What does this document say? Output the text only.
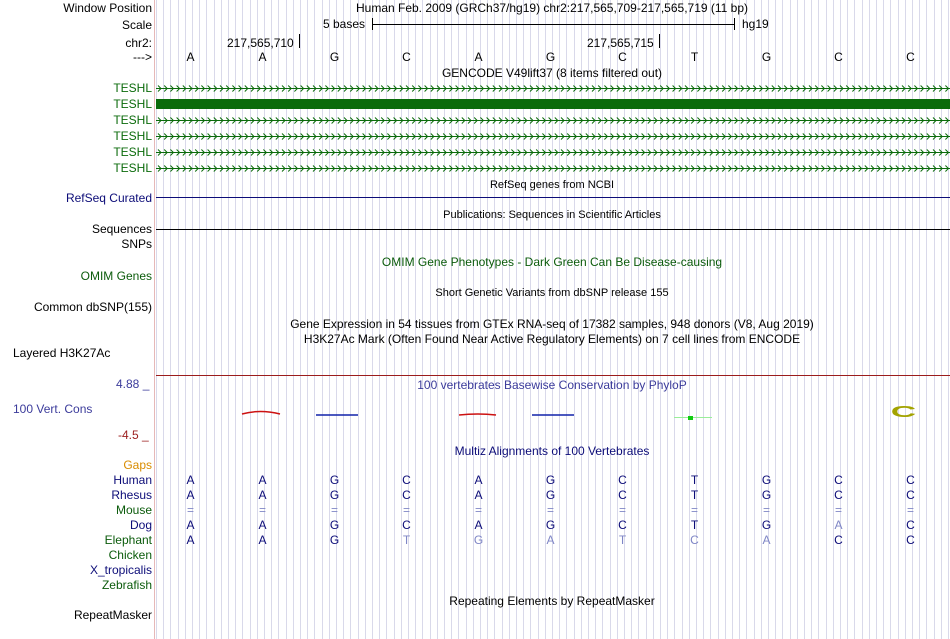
Window Position	Human Feb. 2009 (GRCh37/hg19) chr2:217,565,709-217,565,719 (11 bp)
Scale	5 bases	hg19
chr2:	217,565,710	217,565,715
--->	A	A	G	C	A	G	C	T	G	C	C
GENCODE V49lift37 (8 items filtered out)
TESHL
TESHL
TESHL
TESHL
TESHL
TESHL
RefSeq genes from NCBI
RefSeq Curated
Publications: Sequences in Scientific Articles
Sequences
SNPs
OMIM Gene Phenotypes - Dark Green Can Be Disease-causing
OMIM Genes
Short Genetic Variants from dbSNP release 155
Common dbSNP(155)
Gene Expression in 54 tissues from GTEx RNA-seq of 17382 samples, 948 donors (V8, Aug 2019)
H3K27Ac Mark (Often Found Near Active Regulatory Elements) on 7 cell lines from ENCODE
Layered H3K27Ac
4.88 _	100 vertebrates Basewise Conservation by PhyloP
100 Vert. Cons
-4.5 _
C
Multiz Alignments of 100 Vertebrates
Gaps
Human	A	A	G	C	A	G	C	T	G	C	C
Rhesus	A	A	G	C	A	G	C	T	G	C	C
Mouse	=	=	=	=	=	=	=	=	=	=	=
Dog	A	A	G	C	A	G	C	T	G	A	C
Elephant	A	A	G	T	G	A	T	C	A	C	C
Chicken
X_tropicalis
Zebrafish
Repeating Elements by RepeatMasker
RepeatMasker
